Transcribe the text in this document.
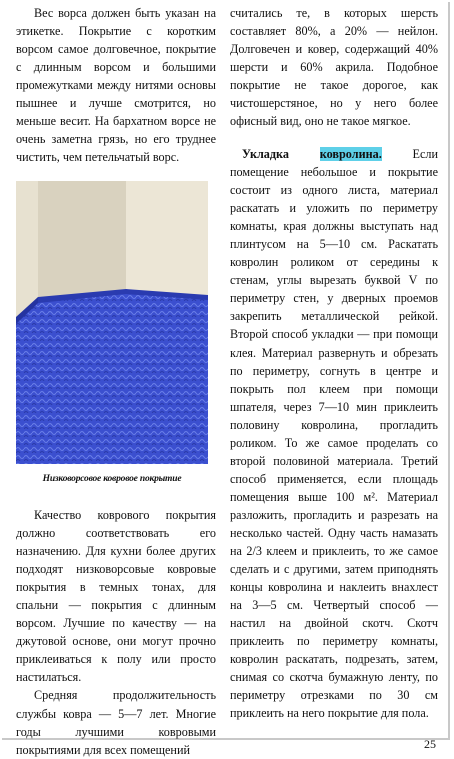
Вес ворса должен быть указан на этикетке. Покрытие с коротким ворсом самое долговечное, покрытие с длинным ворсом и большими промежутками между нитями основы пышнее и лучше смотрится, но меньше весит. На бархатном ворсе не очень заметна грязь, но его труднее чистить, чем петельчатый ворс.

Низковорсовое ковровое покрытие

Качество коврового покрытия должно соответствовать его назначению. Для кухни более других подходят низковорсовые ковровые покрытия в темных тонах, для спальни — покрытия с длинным ворсом. Лучшие по качеству — на джутовой основе, они могут прочно приклеиваться к полу или просто настилаться.

Средняя продолжительность службы ковра — 5—7 лет. Многие годы лучшими ковровыми покрытиями для всех помещений

считались те, в которых шерсть составляет 80%, а 20% — нейлон. Долговечен и ковер, содержащий 40% шерсти и 60% акрила. Подобное покрытие не такое дорогое, как чистошерстяное, но у него более офисный вид, оно не такое мягкое.

Укладка	ковролина.	Если помещение небольшое и покрытие состоит из одного листа, материал раскатать и уложить по периметру комнаты, края должны выступать над плинтусом на 5—10 см. Раскатать ковролин роликом от середины к стенам, углы вырезать буквой V по периметру стен, у дверных проемов закрепить металлической рейкой. Второй способ укладки — при помощи клея. Материал развернуть и обрезать по периметру, согнуть в центре и покрыть пол клеем при помощи шпателя, через 7—10 мин приклеить половину ковролина, прогладить роликом. То же самое проделать со второй половиной материала. Третий способ применяется, если площадь помещения выше 100 м². Материал разложить, прогладить и разрезать на несколько частей. Одну часть намазать на 2/3 клеем и приклеить, то же самое сделать и с другими, затем приподнять концы ковролина и наклеить внахлест на 3—5 см. Четвертый способ — настил на двойной скотч. Скотч приклеить по периметру комнаты, ковролин раскатать, подрезать, затем, снимая со скотча бумажную ленту, по периметру отрезками по 30 см приклеить на него покрытие для пола.

25
